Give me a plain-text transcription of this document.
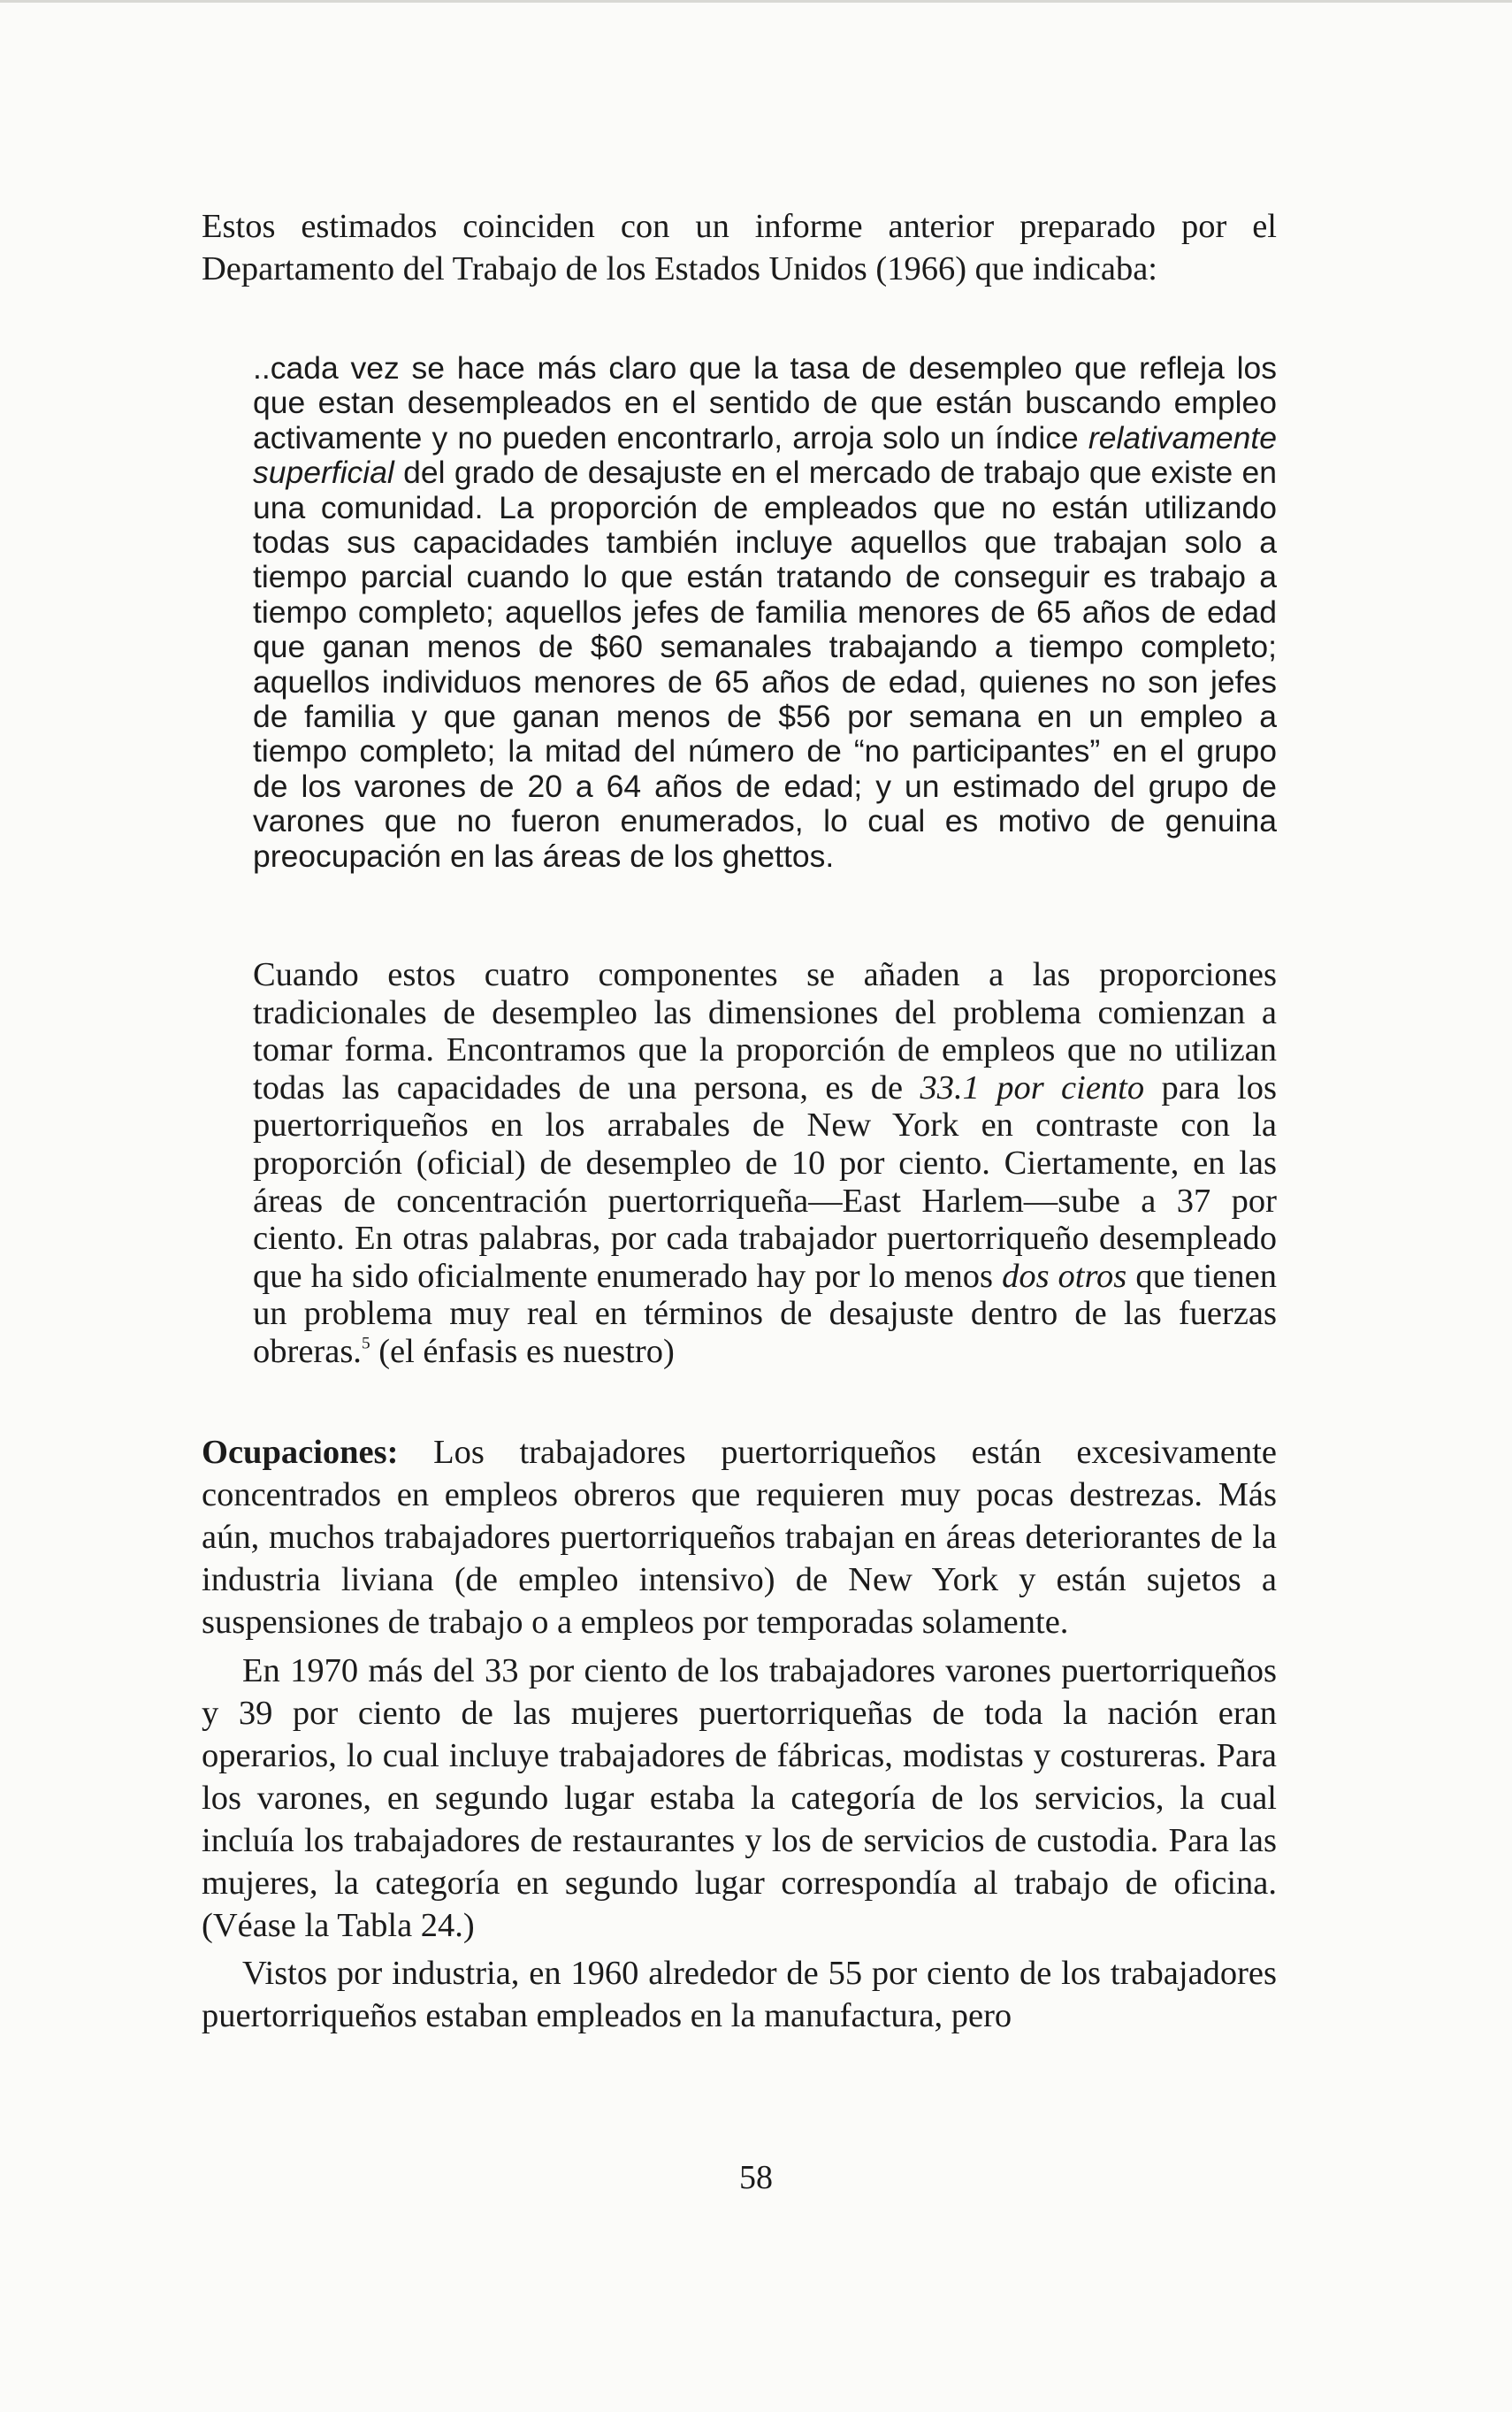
Estos estimados coinciden con un informe anterior preparado por el Departamento del Trabajo de los Estados Unidos (1966) que indicaba:

..cada vez se hace más claro que la tasa de desempleo que refleja los que estan desempleados en el sentido de que están buscando empleo activamente y no pueden encontrarlo, arroja solo un índice relativamente superficial del grado de desajuste en el mercado de trabajo que existe en una comunidad. La proporción de empleados que no están utilizando todas sus capacidades también incluye aquellos que trabajan solo a tiempo parcial cuando lo que están tratando de conseguir es trabajo a tiempo completo; aquellos jefes de familia menores de 65 años de edad que ganan menos de $60 semanales trabajando a tiempo completo; aquellos individuos menores de 65 años de edad, quienes no son jefes de familia y que ganan menos de $56 por semana en un empleo a tiempo completo; la mitad del número de “no participantes” en el grupo de los varones de 20 a 64 años de edad; y un estimado del grupo de varones que no fueron enumerados, lo cual es motivo de genuina preocupación en las áreas de los ghettos.

Cuando estos cuatro componentes se añaden a las proporciones tradicionales de desempleo las dimensiones del problema comienzan a tomar forma. Encontramos que la proporción de empleos que no utilizan todas las capacidades de una persona, es de 33.1 por ciento para los puertorriqueños en los arrabales de New York en contraste con la proporción (oficial) de desempleo de 10 por ciento. Ciertamente, en las áreas de concentración puertorriqueña—East Harlem—sube a 37 por ciento. En otras palabras, por cada trabajador puertorriqueño desempleado que ha sido oficialmente enumerado hay por lo menos dos otros que tienen un problema muy real en términos de desajuste dentro de las fuerzas obreras.$^5$ (el énfasis es nuestro)

Ocupaciones: Los trabajadores puertorriqueños están excesivamente concentrados en empleos obreros que requieren muy pocas destrezas. Más aún, muchos trabajadores puertorriqueños trabajan en áreas deteriorantes de la industria liviana (de empleo intensivo) de New York y están sujetos a suspensiones de trabajo o a empleos por temporadas solamente.

En 1970 más del 33 por ciento de los trabajadores varones puertorriqueños y 39 por ciento de las mujeres puertorriqueñas de toda la nación eran operarios, lo cual incluye trabajadores de fábricas, modistas y costureras. Para los varones, en segundo lugar estaba la categoría de los servicios, la cual incluía los trabajadores de restaurantes y los de servicios de custodia. Para las mujeres, la categoría en segundo lugar correspondía al trabajo de oficina. (Véase la Tabla 24.)

Vistos por industria, en 1960 alrededor de 55 por ciento de los trabajadores puertorriqueños estaban empleados en la manufactura, pero

58
